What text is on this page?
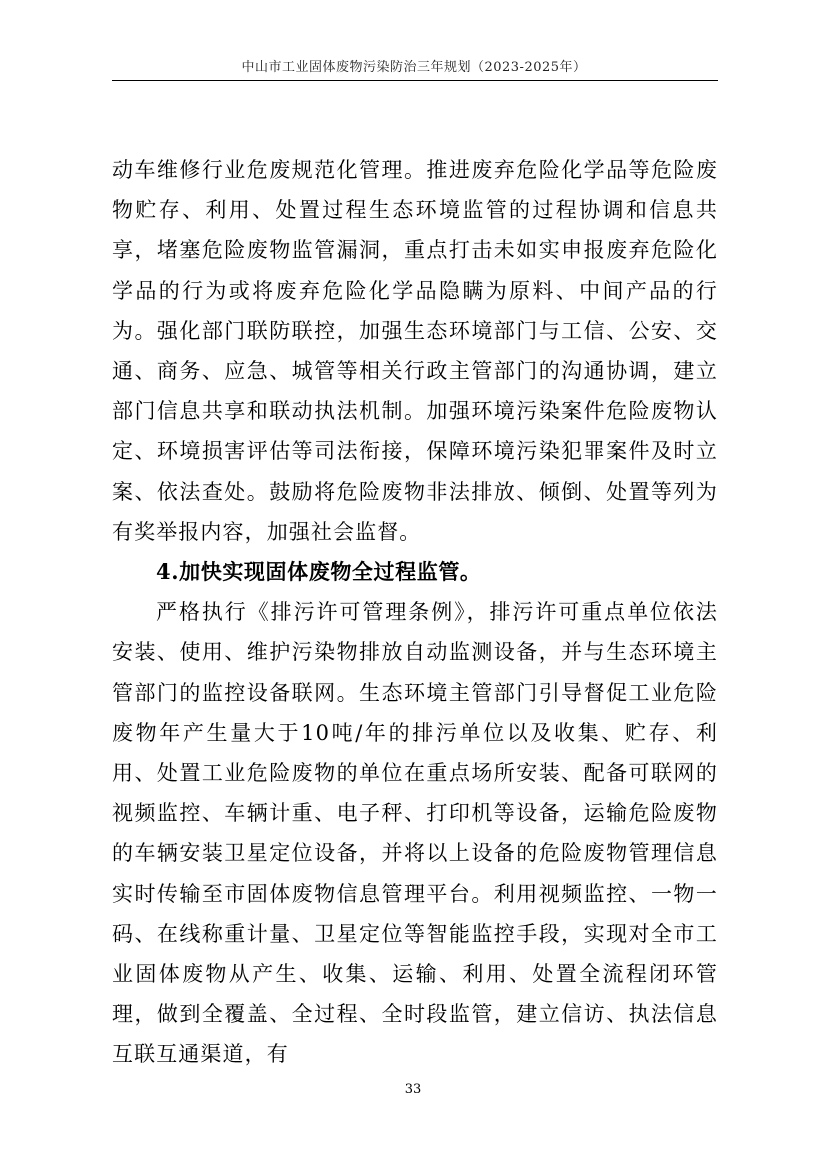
中山市工业固体废物污染防治三年规划（2023-2025年）

动车维修行业危废规范化管理。推进废弃危险化学品等危险废物贮存、利用、处置过程生态环境监管的过程协调和信息共享，堵塞危险废物监管漏洞，重点打击未如实申报废弃危险化学品的行为或将废弃危险化学品隐瞒为原料、中间产品的行为。强化部门联防联控，加强生态环境部门与工信、公安、交通、商务、应急、城管等相关行政主管部门的沟通协调，建立部门信息共享和联动执法机制。加强环境污染案件危险废物认定、环境损害评估等司法衔接，保障环境污染犯罪案件及时立案、依法查处。鼓励将危险废物非法排放、倾倒、处置等列为有奖举报内容，加强社会监督。

4.加快实现固体废物全过程监管。

严格执行《排污许可管理条例》，排污许可重点单位依法安装、使用、维护污染物排放自动监测设备，并与生态环境主管部门的监控设备联网。生态环境主管部门引导督促工业危险废物年产生量大于10吨/年的排污单位以及收集、贮存、利用、处置工业危险废物的单位在重点场所安装、配备可联网的视频监控、车辆计重、电子秤、打印机等设备，运输危险废物的车辆安装卫星定位设备，并将以上设备的危险废物管理信息实时传输至市固体废物信息管理平台。利用视频监控、一物一码、在线称重计量、卫星定位等智能监控手段，实现对全市工业固体废物从产生、收集、运输、利用、处置全流程闭环管理，做到全覆盖、全过程、全时段监管，建立信访、执法信息互联互通渠道，有

33
